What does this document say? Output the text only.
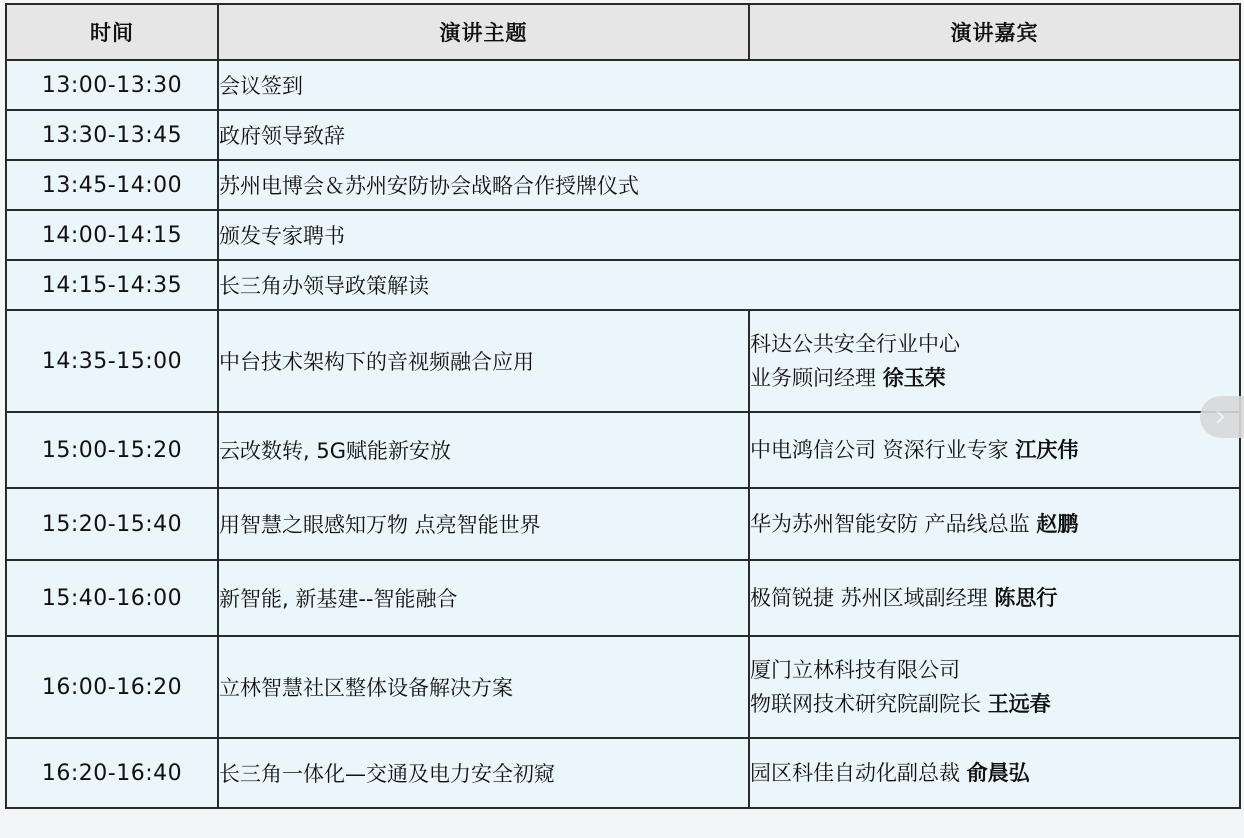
时间	演讲主题	演讲嘉宾
13:00-13:30	会议签到	
13:30-13:45	政府领导致辞	
13:45-14:00	苏州电博会＆苏州安防协会战略合作授牌仪式	
14:00-14:15	颁发专家聘书	
14:15-14:35	长三角办领导政策解读	
14:35-15:00	中台技术架构下的音视频融合应用	科达公共安全行业中心
业务顾问经理 徐玉荣

15:00-15:20	云改数转, 5G赋能新安放	中电鸿信公司 资深行业专家 江庆伟
15:20-15:40	用智慧之眼感知万物 点亮智能世界	华为苏州智能安防 产品线总监 赵鹏
15:40-16:00	新智能, 新基建--智能融合	极简锐捷 苏州区域副经理 陈思行
16:00-16:20	立林智慧社区整体设备解决方案	厦门立林科技有限公司
物联网技术研究院副院长 王远春

16:20-16:40	长三角一体化—交通及电力安全初窥	园区科佳自动化副总裁 俞晨弘
